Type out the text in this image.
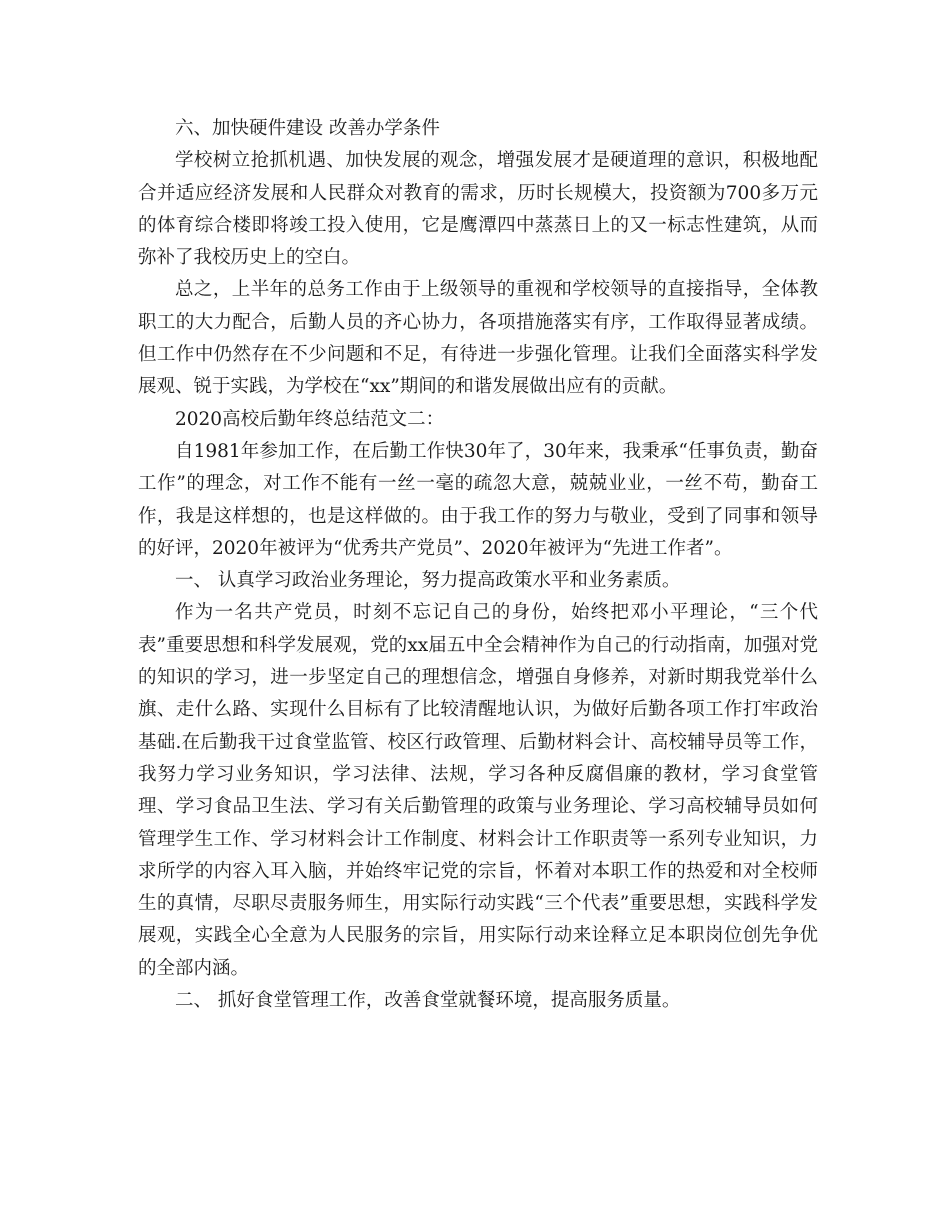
六、加快硬件建设 改善办学条件

学校树立抢抓机遇、加快发展的观念，增强发展才是硬道理的意识，积极地配合并适应经济发展和人民群众对教育的需求，历时长规模大，投资额为700多万元的体育综合楼即将竣工投入使用，它是鹰潭四中蒸蒸日上的又一标志性建筑，从而弥补了我校历史上的空白。

总之，上半年的总务工作由于上级领导的重视和学校领导的直接指导，全体教职工的大力配合，后勤人员的齐心协力，各项措施落实有序，工作取得显著成绩。但工作中仍然存在不少问题和不足，有待进一步强化管理。让我们全面落实科学发展观、锐于实践，为学校在“xx”期间的和谐发展做出应有的贡献。

2020高校后勤年终总结范文二：

自1981年参加工作，在后勤工作快30年了，30年来，我秉承“任事负责，勤奋工作”的理念，对工作不能有一丝一毫的疏忽大意，兢兢业业，一丝不苟，勤奋工作，我是这样想的，也是这样做的。由于我工作的努力与敬业，受到了同事和领导的好评，2020年被评为“优秀共产党员”、2020年被评为“先进工作者”。

一、 认真学习政治业务理论，努力提高政策水平和业务素质。

作为一名共产党员，时刻不忘记自己的身份，始终把邓小平理论，“三个代表”重要思想和科学发展观，党的xx届五中全会精神作为自己的行动指南，加强对党的知识的学习，进一步坚定自己的理想信念，增强自身修养，对新时期我党举什么旗、走什么路、实现什么目标有了比较清醒地认识，为做好后勤各项工作打牢政治基础.在后勤我干过食堂监管、校区行政管理、后勤材料会计、高校辅导员等工作，我努力学习业务知识，学习法律、法规，学习各种反腐倡廉的教材，学习食堂管理、学习食品卫生法、学习有关后勤管理的政策与业务理论、学习高校辅导员如何管理学生工作、学习材料会计工作制度、材料会计工作职责等一系列专业知识，力求所学的内容入耳入脑，并始终牢记党的宗旨，怀着对本职工作的热爱和对全校师生的真情，尽职尽责服务师生，用实际行动实践“三个代表”重要思想，实践科学发展观，实践全心全意为人民服务的宗旨，用实际行动来诠释立足本职岗位创先争优的全部内涵。

二、 抓好食堂管理工作，改善食堂就餐环境，提高服务质量。
